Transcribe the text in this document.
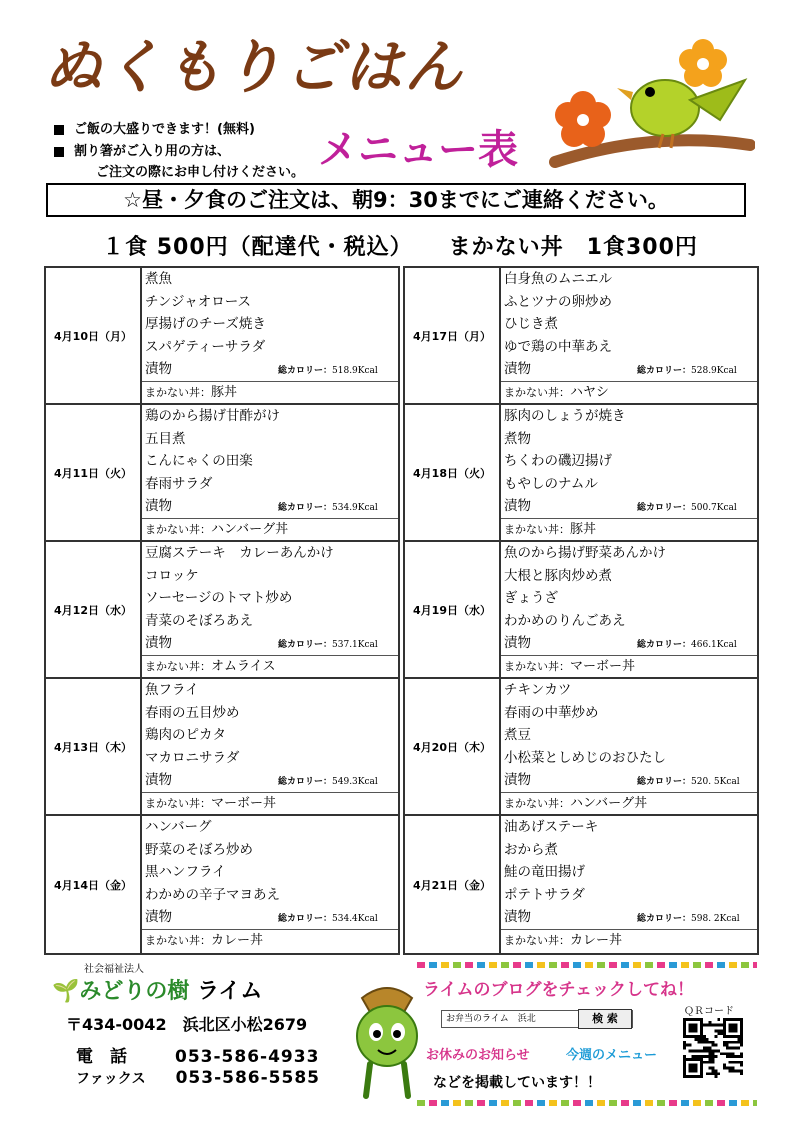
ぬくもりごはん
メニュー表
ご飯の大盛りできます！(無料)
割り箸がご入り用の方は、
ご注文の際にお申し付けください。
☆昼・夕食のご注文は、朝9：30までにご連絡ください。
１食 500円（配達代・税込） まかない丼　1食300円
4月10日（月）
煮魚
チンジャオロース
厚揚げのチーズ焼き
スパゲティーサラダ
漬物	総カロリー：518.9Kcal
まかない丼：豚丼
4月11日（火）
鶏のから揚げ甘酢がけ
五目煮
こんにゃくの田楽
春雨サラダ
漬物	総カロリー：534.9Kcal
まかない丼：ハンバーグ丼
4月12日（水）
豆腐ステーキ　カレーあんかけ
コロッケ
ソーセージのトマト炒め
青菜のそぼろあえ
漬物	総カロリー：537.1Kcal
まかない丼：オムライス
4月13日（木）
魚フライ
春雨の五目炒め
鶏肉のピカタ
マカロニサラダ
漬物	総カロリー：549.3Kcal
まかない丼：マーボー丼
4月14日（金）
ハンバーグ
野菜のそぼろ炒め
黒ハンフライ
わかめの辛子マヨあえ
漬物	総カロリー：534.4Kcal
まかない丼：カレー丼
4月17日（月）
白身魚のムニエル
ふとツナの卵炒め
ひじき煮
ゆで鶏の中華あえ
漬物	総カロリー：528.9Kcal
まかない丼：ハヤシ
4月18日（火）
豚肉のしょうが焼き
煮物
ちくわの磯辺揚げ
もやしのナムル
漬物	総カロリー：500.7Kcal
まかない丼：豚丼
4月19日（水）
魚のから揚げ野菜あんかけ
大根と豚肉炒め煮
ぎょうざ
わかめのりんごあえ
漬物	総カロリー：466.1Kcal
まかない丼：マーボー丼
4月20日（木）
チキンカツ
春雨の中華炒め
煮豆
小松菜としめじのおひたし
漬物	総カロリー：520. 5Kcal
まかない丼：ハンバーグ丼
4月21日（金）
油あげステーキ
おから煮
鮭の竜田揚げ
ポテトサラダ
漬物	総カロリー：598. 2Kcal
まかない丼：カレー丼
社会福祉法人
🌱みどりの樹 ライム
〒434-0042　浜北区小松2679
電　話	053-586-4933
ファックス 053-586-5585
ライムのブログをチェックしてね！
お弁当のライム　浜北	検 索
お休みのお知らせ	今週のメニュー
などを掲載しています！！
ＱＲコード
